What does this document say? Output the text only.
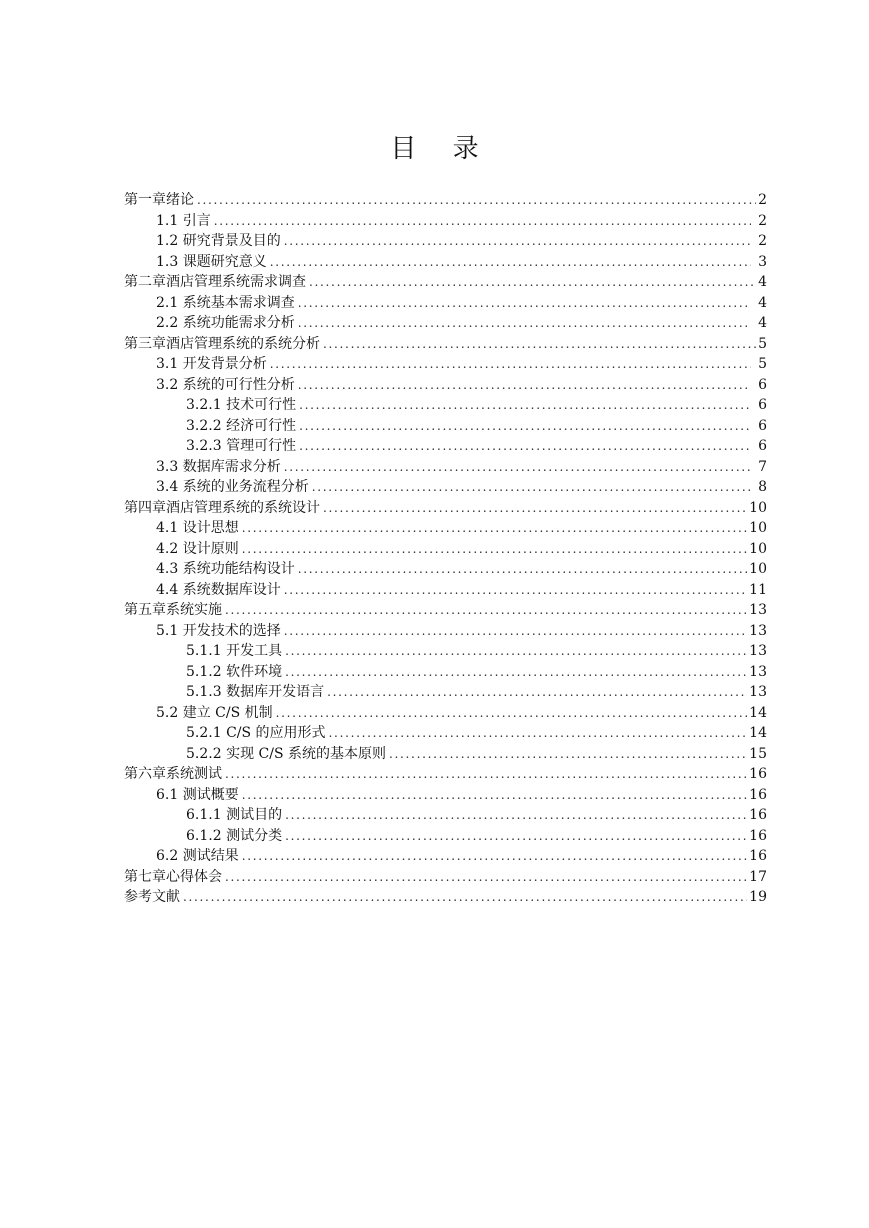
目 录
第一章绪论 .....	2
1.1 引言 .....	2
1.2 研究背景及目的 .....	2
1.3 课题研究意义 .....	3
第二章酒店管理系统需求调查 .....	4
2.1 系统基本需求调查 .....	4
2.2 系统功能需求分析 .....	4
第三章酒店管理系统的系统分析 .....	5
3.1 开发背景分析 .....	5
3.2 系统的可行性分析 .....	6
3.2.1 技术可行性 .....	6
3.2.2 经济可行性 .....	6
3.2.3 管理可行性 .....	6
3.3 数据库需求分析 .....	7
3.4 系统的业务流程分析 .....	8
第四章酒店管理系统的系统设计 .....	10
4.1 设计思想 .....	10
4.2 设计原则 .....	10
4.3 系统功能结构设计 .....	10
4.4 系统数据库设计 .....	11
第五章系统实施 .....	13
5.1 开发技术的选择 .....	13
5.1.1 开发工具 .....	13
5.1.2 软件环境 .....	13
5.1.3 数据库开发语言 .....	13
5.2 建立 C/S 机制 .....	14
5.2.1 C/S 的应用形式 .....	14
5.2.2 实现 C/S 系统的基本原则 .....	15
第六章系统测试 .....	16
6.1 测试概要 .....	16
6.1.1 测试目的 .....	16
6.1.2 测试分类 .....	16
6.2 测试结果 .....	16
第七章心得体会 .....	17
参考文献 .....	19
